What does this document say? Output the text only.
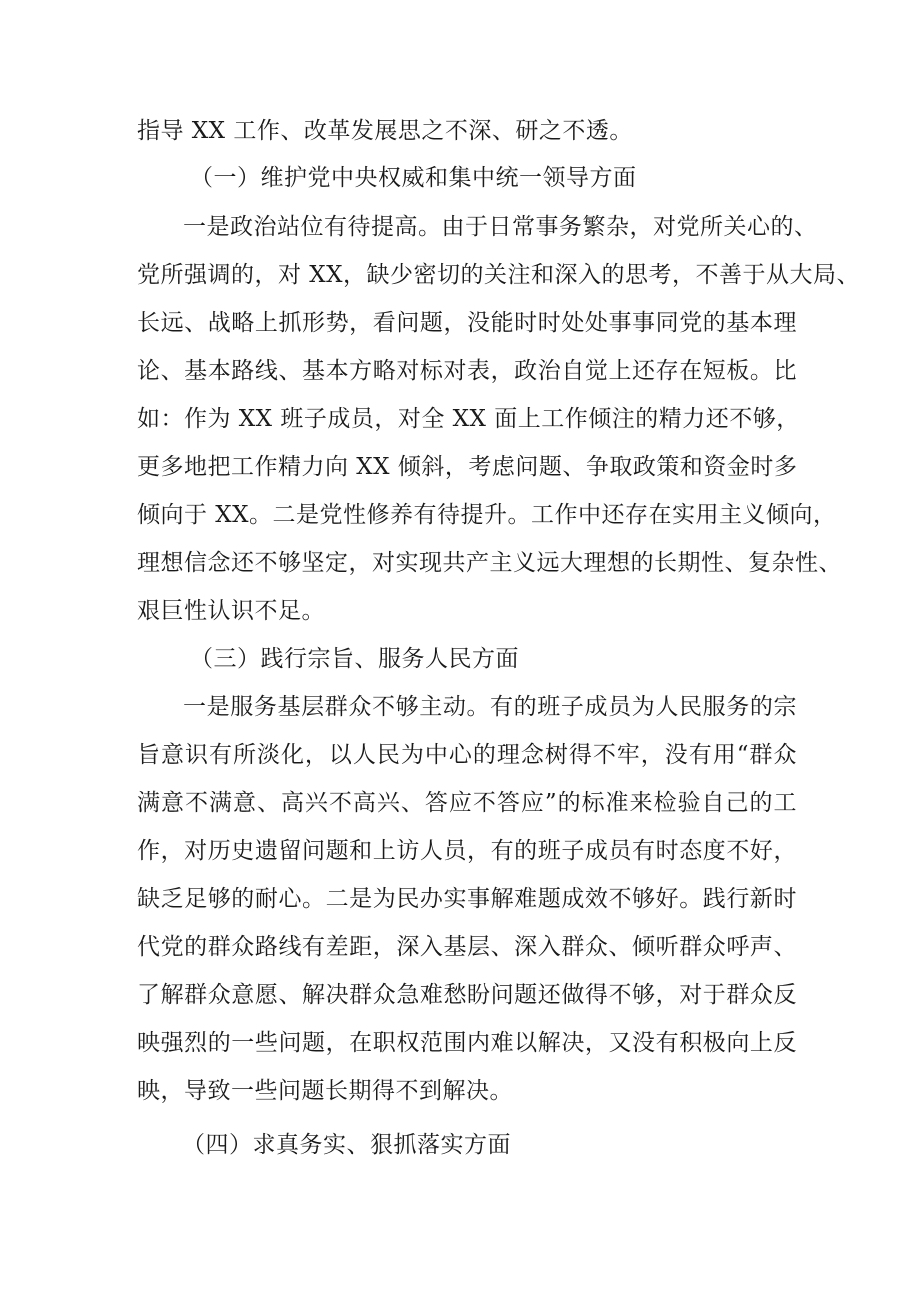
指导 XX 工作、改革发展思之不深、研之不透。
（一）维护党中央权威和集中统一领导方面
一是政治站位有待提高。由于日常事务繁杂，对党所关心的、
党所强调的，对 XX，缺少密切的关注和深入的思考，不善于从大局、
长远、战略上抓形势，看问题，没能时时处处事事同党的基本理
论、基本路线、基本方略对标对表，政治自觉上还存在短板。比
如：作为 XX 班子成员，对全 XX 面上工作倾注的精力还不够，
更多地把工作精力向 XX 倾斜，考虑问题、争取政策和资金时多
倾向于 XX。二是党性修养有待提升。工作中还存在实用主义倾向，
理想信念还不够坚定，对实现共产主义远大理想的长期性、复杂性、
艰巨性认识不足。
（三）践行宗旨、服务人民方面
一是服务基层群众不够主动。有的班子成员为人民服务的宗
旨意识有所淡化，以人民为中心的理念树得不牢，没有用“群众
满意不满意、高兴不高兴、答应不答应”的标准来检验自己的工
作，对历史遗留问题和上访人员，有的班子成员有时态度不好，
缺乏足够的耐心。二是为民办实事解难题成效不够好。践行新时
代党的群众路线有差距，深入基层、深入群众、倾听群众呼声、
了解群众意愿、解决群众急难愁盼问题还做得不够，对于群众反
映强烈的一些问题，在职权范围内难以解决，又没有积极向上反
映，导致一些问题长期得不到解决。
（四）求真务实、狠抓落实方面
